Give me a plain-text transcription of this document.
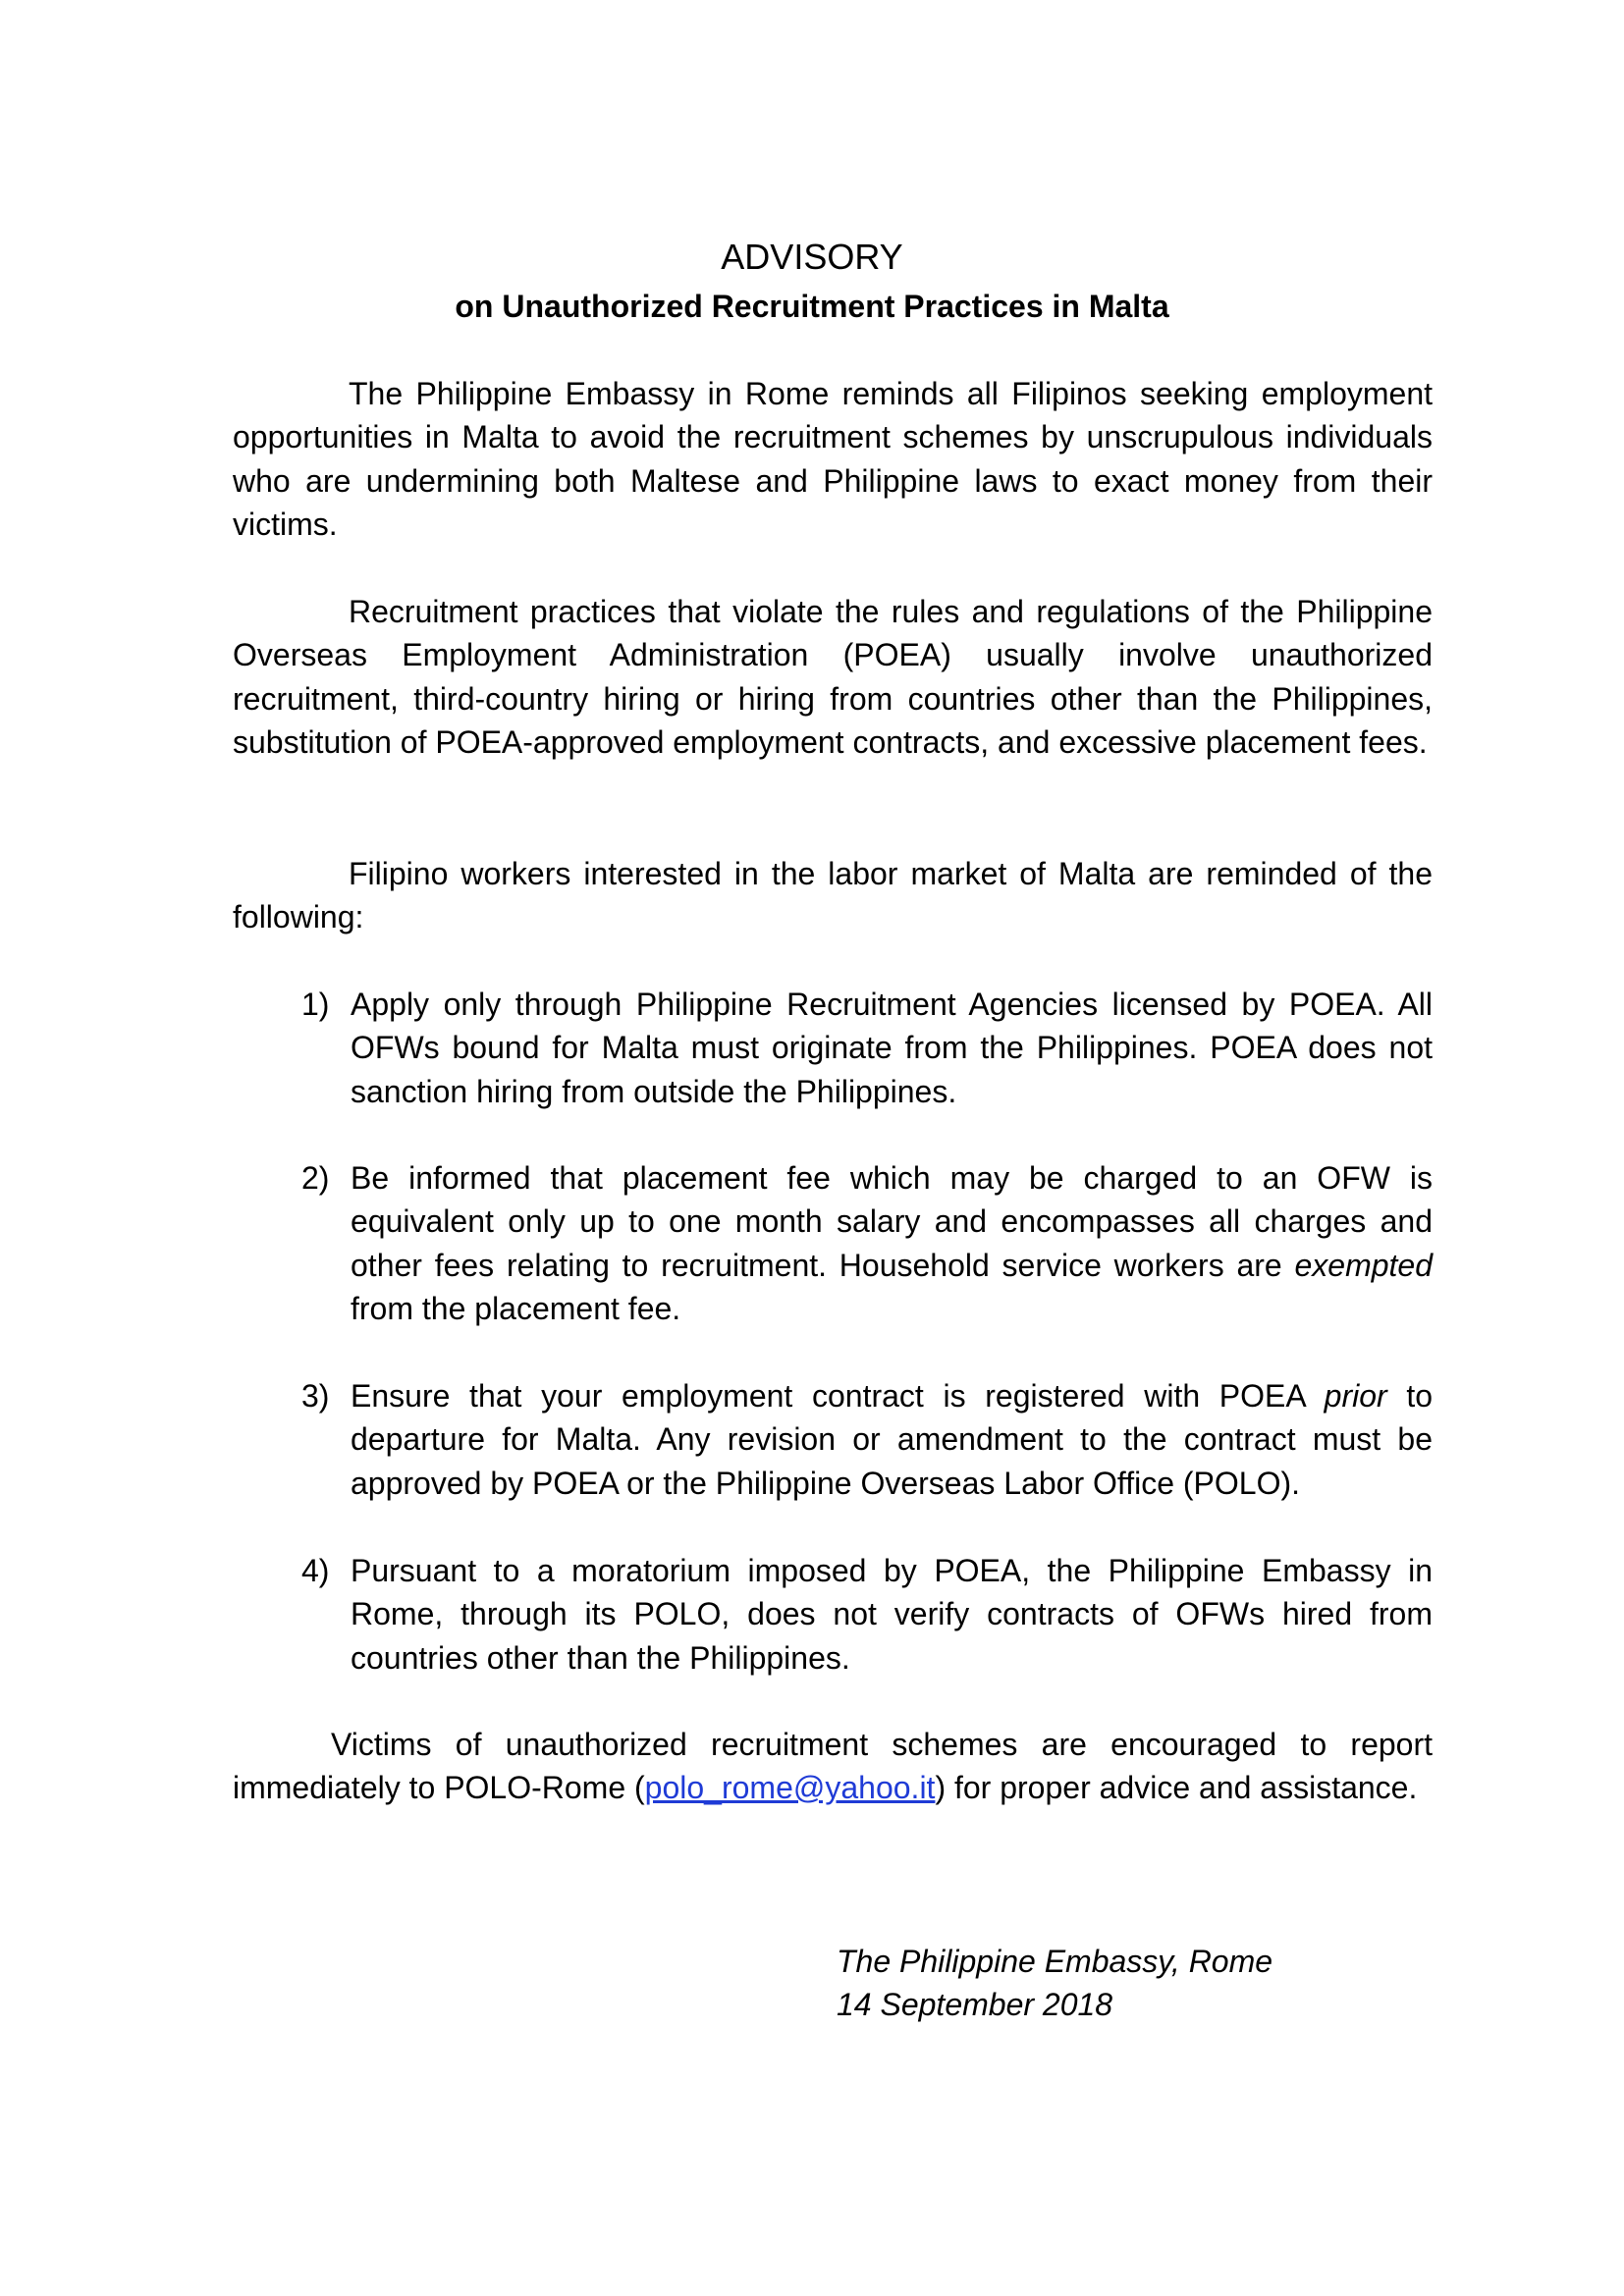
ADVISORY
on Unauthorized Recruitment Practices in Malta

The Philippine Embassy in Rome reminds all Filipinos seeking employment opportunities in Malta to avoid the recruitment schemes by unscrupulous individuals who are undermining both Maltese and Philippine laws to exact money from their victims.

Recruitment practices that violate the rules and regulations of the Philippine Overseas Employment Administration (POEA) usually involve unauthorized recruitment, third-country hiring or hiring from countries other than the Philippines, substitution of POEA-approved employment contracts, and excessive placement fees.

Filipino workers interested in the labor market of Malta are reminded of the following:

1) Apply only through Philippine Recruitment Agencies licensed by POEA. All OFWs bound for Malta must originate from the Philippines. POEA does not sanction hiring from outside the Philippines.

2) Be informed that placement fee which may be charged to an OFW is equivalent only up to one month salary and encompasses all charges and other fees relating to recruitment. Household service workers are exempted from the placement fee.

3) Ensure that your employment contract is registered with POEA prior to departure for Malta. Any revision or amendment to the contract must be approved by POEA or the Philippine Overseas Labor Office (POLO).

4) Pursuant to a moratorium imposed by POEA, the Philippine Embassy in Rome, through its POLO, does not verify contracts of OFWs hired from countries other than the Philippines.

Victims of unauthorized recruitment schemes are encouraged to report immediately to POLO-Rome (polo_rome@yahoo.it) for proper advice and assistance.

The Philippine Embassy, Rome
14 September 2018
